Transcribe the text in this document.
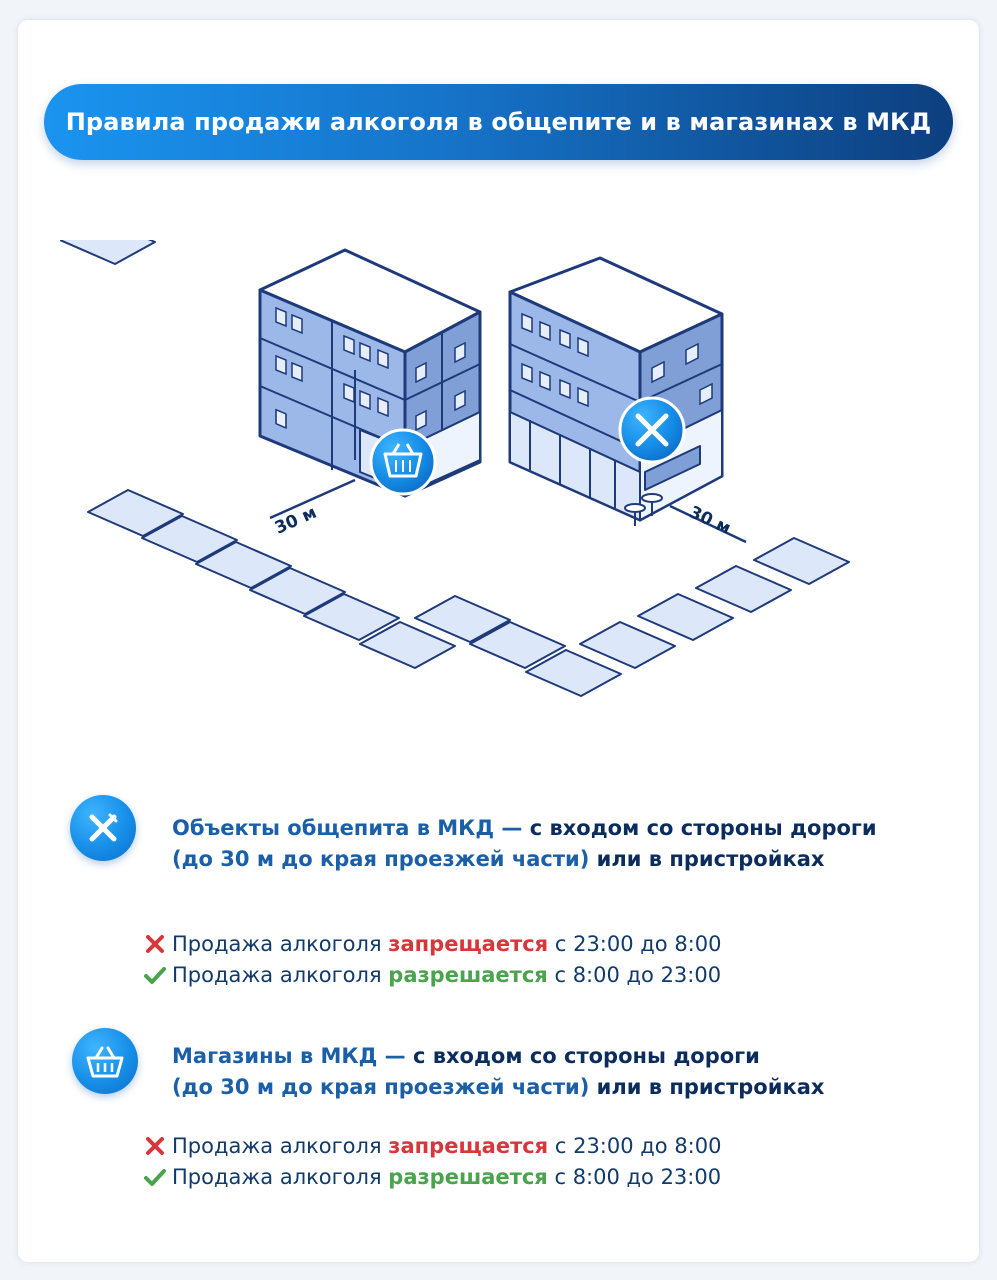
Правила продажи алкоголя в общепите и в магазинах в МКД
30 м	30 м
Объекты общепита в МКД — с входом со стороны дороги
(до 30 м до края проезжей части) или в пристройках
Продажа алкоголя
запрещается
с 23:00 до 8:00
Продажа алкоголя
разрешается
с 8:00 до 23:00
Магазины в МКД — с входом со стороны дороги
(до 30 м до края проезжей части) или в пристройках
Продажа алкоголя
запрещается
с 23:00 до 8:00
Продажа алкоголя
разрешается
с 8:00 до 23:00
